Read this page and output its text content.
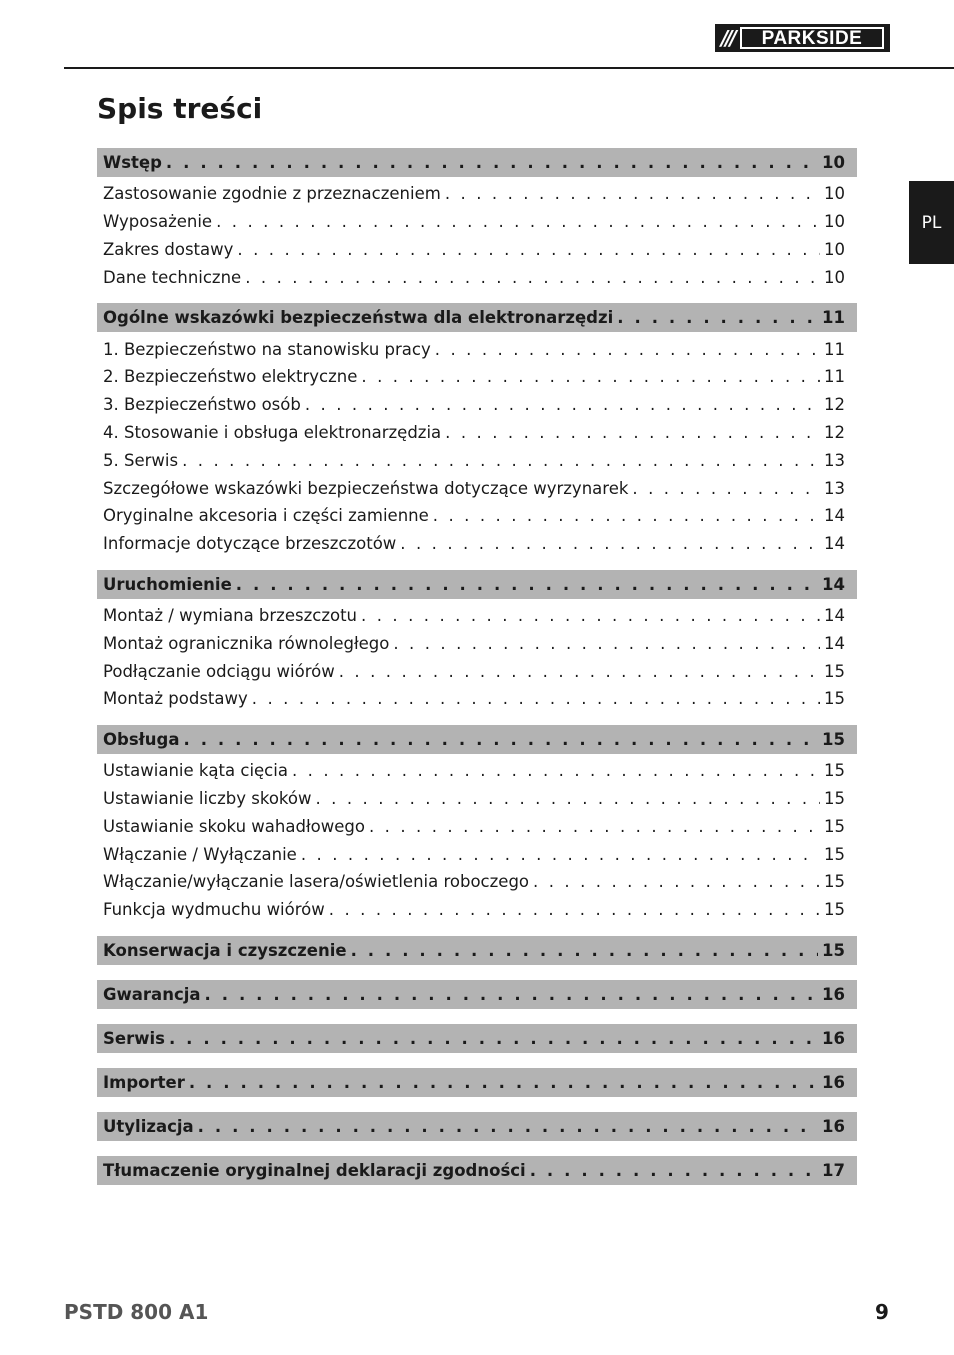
///	PARKSIDE
Spis treści
PL
Wstęp . . .	10
Zastosowanie zgodnie z przeznaczeniem . . .	10
Wyposażenie . . .	10
Zakres dostawy . . .	10
Dane techniczne . . .	10
Ogólne wskazówki bezpieczeństwa dla elektronarzędzi . . .	11
1. Bezpieczeństwo na stanowisku pracy . . .	11
2. Bezpieczeństwo elektryczne . . .	11
3. Bezpieczeństwo osób . . .	12
4. Stosowanie i obsługa elektronarzędzia . . .	12
5. Serwis . . .	13
Szczegółowe wskazówki bezpieczeństwa dotyczące wyrzynarek . . .	13
Oryginalne akcesoria i części zamienne . . .	14
Informacje dotyczące brzeszczotów . . .	14
Uruchomienie . . .	14
Montaż / wymiana brzeszczotu . . .	14
Montaż ogranicznika równoległego . . .	14
Podłączanie odciągu wiórów . . .	15
Montaż podstawy . . .	15
Obsługa . . .	15
Ustawianie kąta cięcia . . .	15
Ustawianie liczby skoków . . .	15
Ustawianie skoku wahadłowego . . .	15
Włączanie / Wyłączanie . . .	15
Włączanie/wyłączanie lasera/oświetlenia roboczego . . .	15
Funkcja wydmuchu wiórów . . .	15
Konserwacja i czyszczenie . . .	15
Gwarancja . . .	16
Serwis . . .	16
Importer . . .	16
Utylizacja . . .	16
Tłumaczenie oryginalnej deklaracji zgodności . . .	17
PSTD 800 A1	9
